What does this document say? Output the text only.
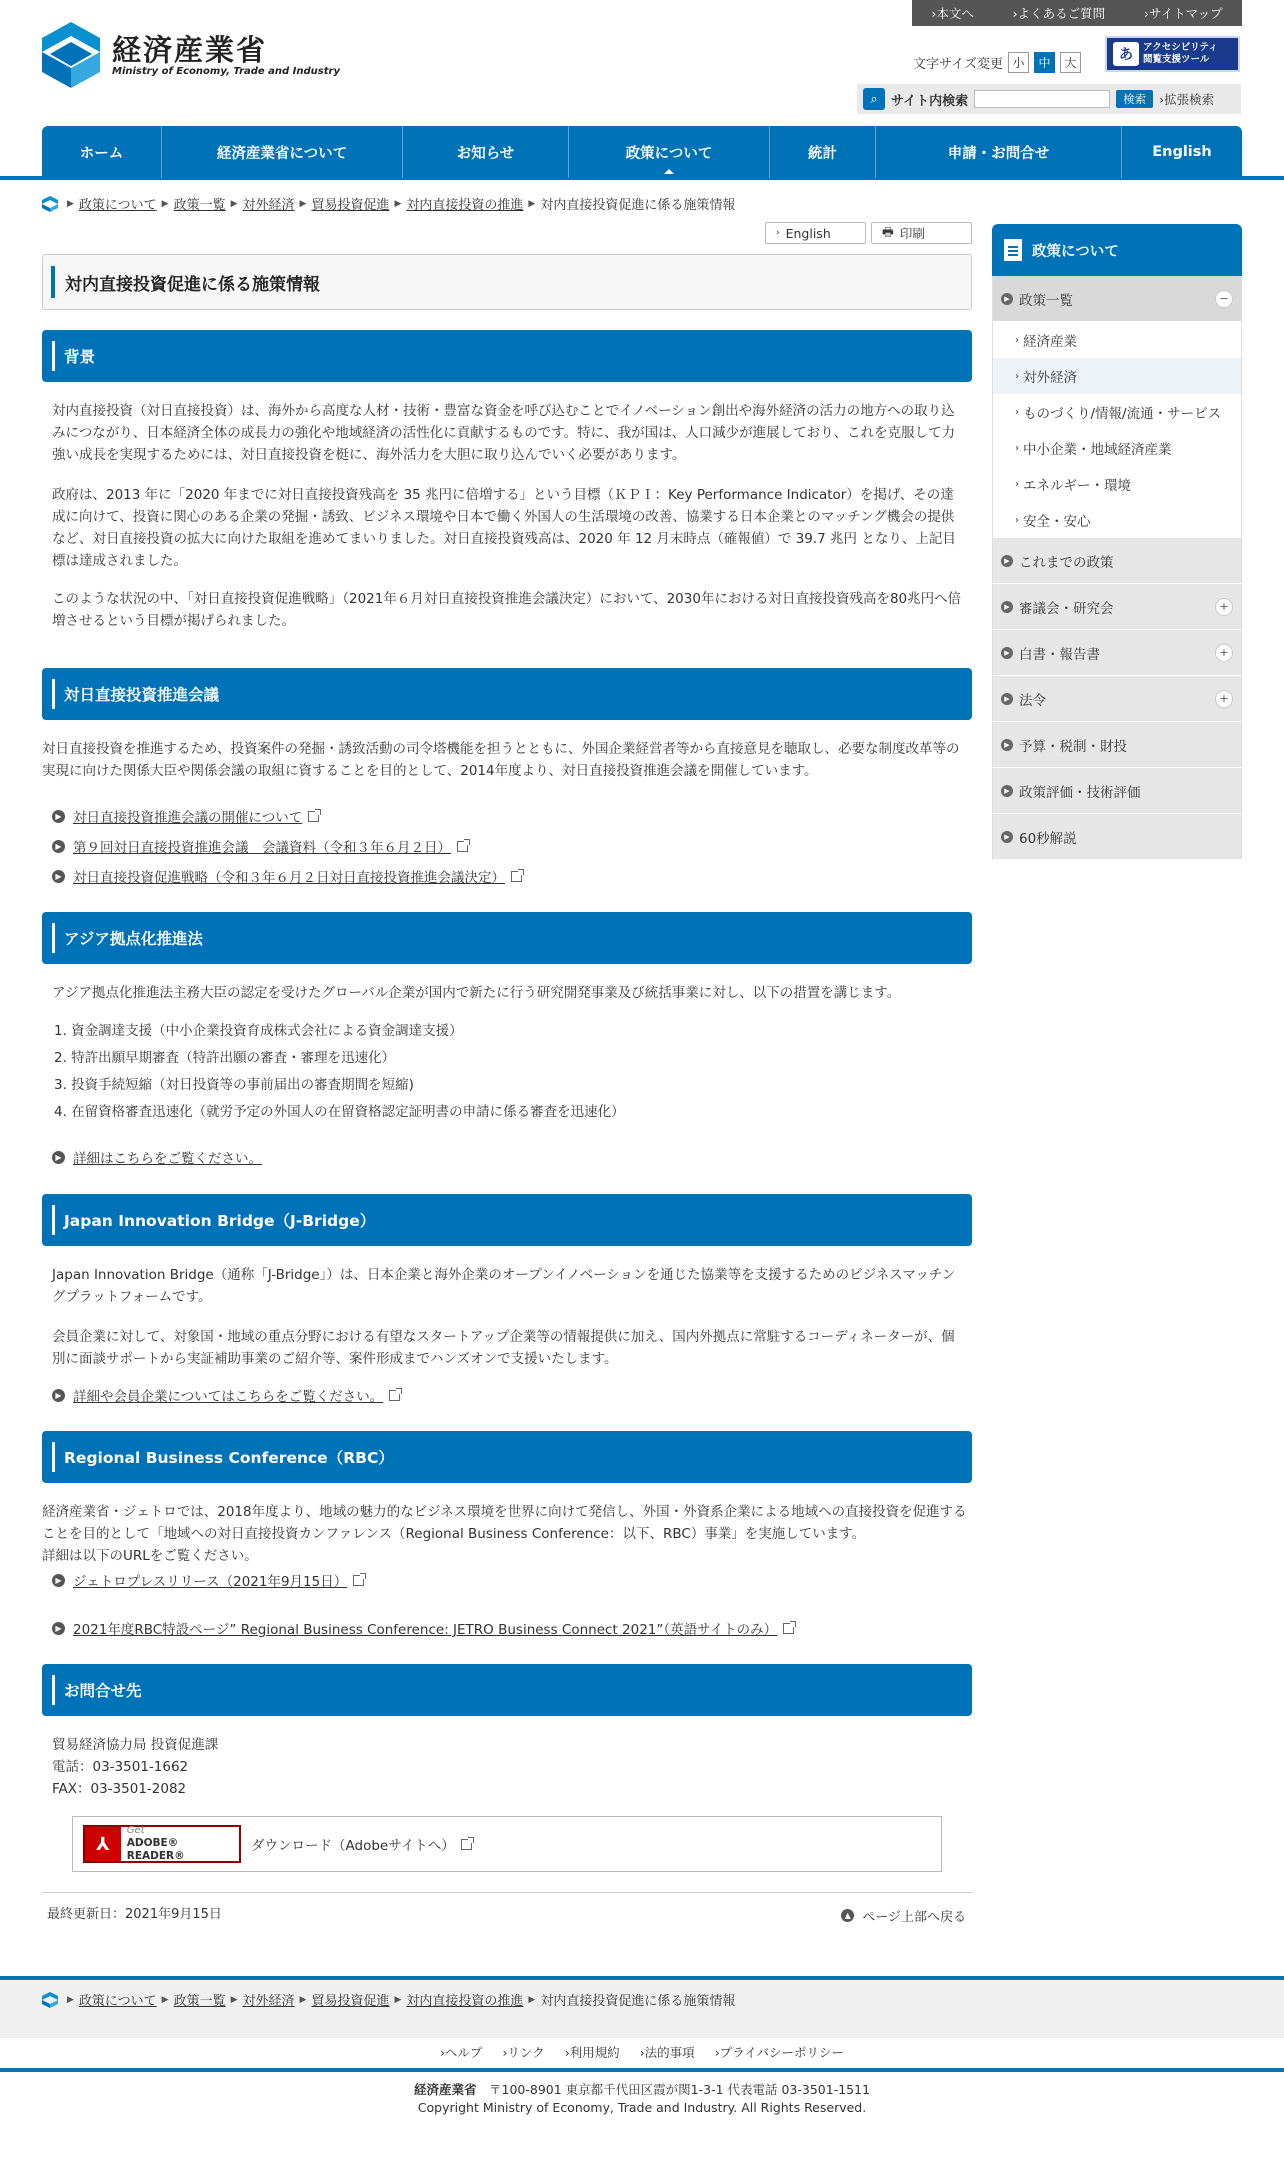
›本文へ	›よくあるご質問	›サイトマップ
経済産業省
Ministry of Economy, Trade and Industry	文字サイズ変更 小	中	大	あ	アクセシビリティ
閲覧支援ツール
⌕	サイト内検索	検索	›拡張検索
ホーム	経済産業省について	お知らせ	政策について	統計	申請・お問合せ	English
▶ 政策について ▶ 政策一覧 ▶ 対外経済 ▶ 貿易投資促進 ▶ 対内直接投資の推進 ▶ 対内直接投資促進に係る施策情報
› English	🖶 印刷
対内直接投資促進に係る施策情報
背景

対内直接投資（対日直接投資）は、海外から高度な人材・技術・豊富な資金を呼び込むことでイノベーション創出や海外経済の活力の地方への取り込みにつながり、日本経済全体の成長力の強化や地域経済の活性化に貢献するものです。特に、我が国は、人口減少が進展しており、これを克服して力強い成長を実現するためには、対日直接投資を梃に、海外活力を大胆に取り込んでいく必要があります。

政府は、2013 年に「2020 年までに対日直接投資残高を 35 兆円に倍増する」という目標（ＫＰＩ：Key Performance Indicator）を掲げ、その達成に向けて、投資に関心のある企業の発掘・誘致、ビジネス環境や日本で働く外国人の生活環境の改善、協業する日本企業とのマッチング機会の提供など、対日直接投資の拡大に向けた取組を進めてまいりました。対日直接投資残高は、2020 年 12 月末時点（確報値）で 39.7 兆円 となり、上記目標は達成されました。

このような状況の中、「対日直接投資促進戦略」（2021年６月対日直接投資推進会議決定）において、2030年における対日直接投資残高を80兆円へ倍増させるという目標が掲げられました。

対日直接投資推進会議

対日直接投資を推進するため、投資案件の発掘・誘致活動の司令塔機能を担うとともに、外国企業経営者等から直接意見を聴取し、必要な制度改革等の実現に向けた関係大臣や関係会議の取組に資することを目的として、2014年度より、対日直接投資推進会議を開催しています。

▶ 対日直接投資推進会議の開催について
▶ 第９回対日直接投資推進会議　会議資料（令和３年６月２日）
▶ 対日直接投資促進戦略（令和３年６月２日対日直接投資推進会議決定）
アジア拠点化推進法

アジア拠点化推進法主務大臣の認定を受けたグローバル企業が国内で新たに行う研究開発事業及び統括事業に対し、以下の措置を講じます。

1. 資金調達支援（中小企業投資育成株式会社による資金調達支援）
2. 特許出願早期審査（特許出願の審査・審理を迅速化）
3. 投資手続短縮（対日投資等の事前届出の審査期間を短縮)
4. 在留資格審査迅速化（就労予定の外国人の在留資格認定証明書の申請に係る審査を迅速化）
▶ 詳細はこちらをご覧ください。
Japan Innovation Bridge（J-Bridge）

Japan Innovation Bridge（通称「J-Bridge」）は、日本企業と海外企業のオープンイノベーションを通じた協業等を支援するためのビジネスマッチングプラットフォームです。

会員企業に対して、対象国・地域の重点分野における有望なスタートアップ企業等の情報提供に加え、国内外拠点に常駐するコーディネーターが、個別に面談サポートから実証補助事業のご紹介等、案件形成までハンズオンで支援いたします。

▶ 詳細や会員企業についてはこちらをご覧ください。
Regional Business Conference（RBC）

経済産業省・ジェトロでは、2018年度より、地域の魅力的なビジネス環境を世界に向けて発信し、外国・外資系企業による地域への直接投資を促進することを目的として「地域への対日直接投資カンファレンス（Regional Business Conference：以下、RBC）事業」を実施しています。

詳細は以下のURLをご覧ください。

▶ ジェトロプレスリリース（2021年9月15日）
▶ 2021年度RBC特設ページ” Regional Business Conference: JETRO Business Connect 2021”（英語サイトのみ）
お問合せ先

貿易経済協力局 投資促進課

電話：03-3501-1662

FAX：03-3501-2082

⅄
Get
ADOBE® READER®
ダウンロード（Adobeサイトへ）

最終更新日：2021年9月15日	▲ ページ上部へ戻る
政策について
▶ 政策一覧	−
› 経済産業
› 対外経済
› ものづくり/情報/流通・サービス
› 中小企業・地域経済産業
› エネルギー・環境
› 安全・安心
▶ これまでの政策
▶ 審議会・研究会	+
▶ 白書・報告書	+
▶ 法令	+
▶ 予算・税制・財投
▶ 政策評価・技術評価
▶ 60秒解説
▶ 政策について ▶ 政策一覧 ▶ 対外経済 ▶ 貿易投資促進 ▶ 対内直接投資の推進 ▶ 対内直接投資促進に係る施策情報
›ヘルプ ›リンク ›利用規約 ›法的事項 ›プライバシーポリシー
経済産業省　 〒100-8901 東京都千代田区霞が関1-3-1 代表電話 03-3501-1511
Copyright Ministry of Economy, Trade and Industry. All Rights Reserved.
